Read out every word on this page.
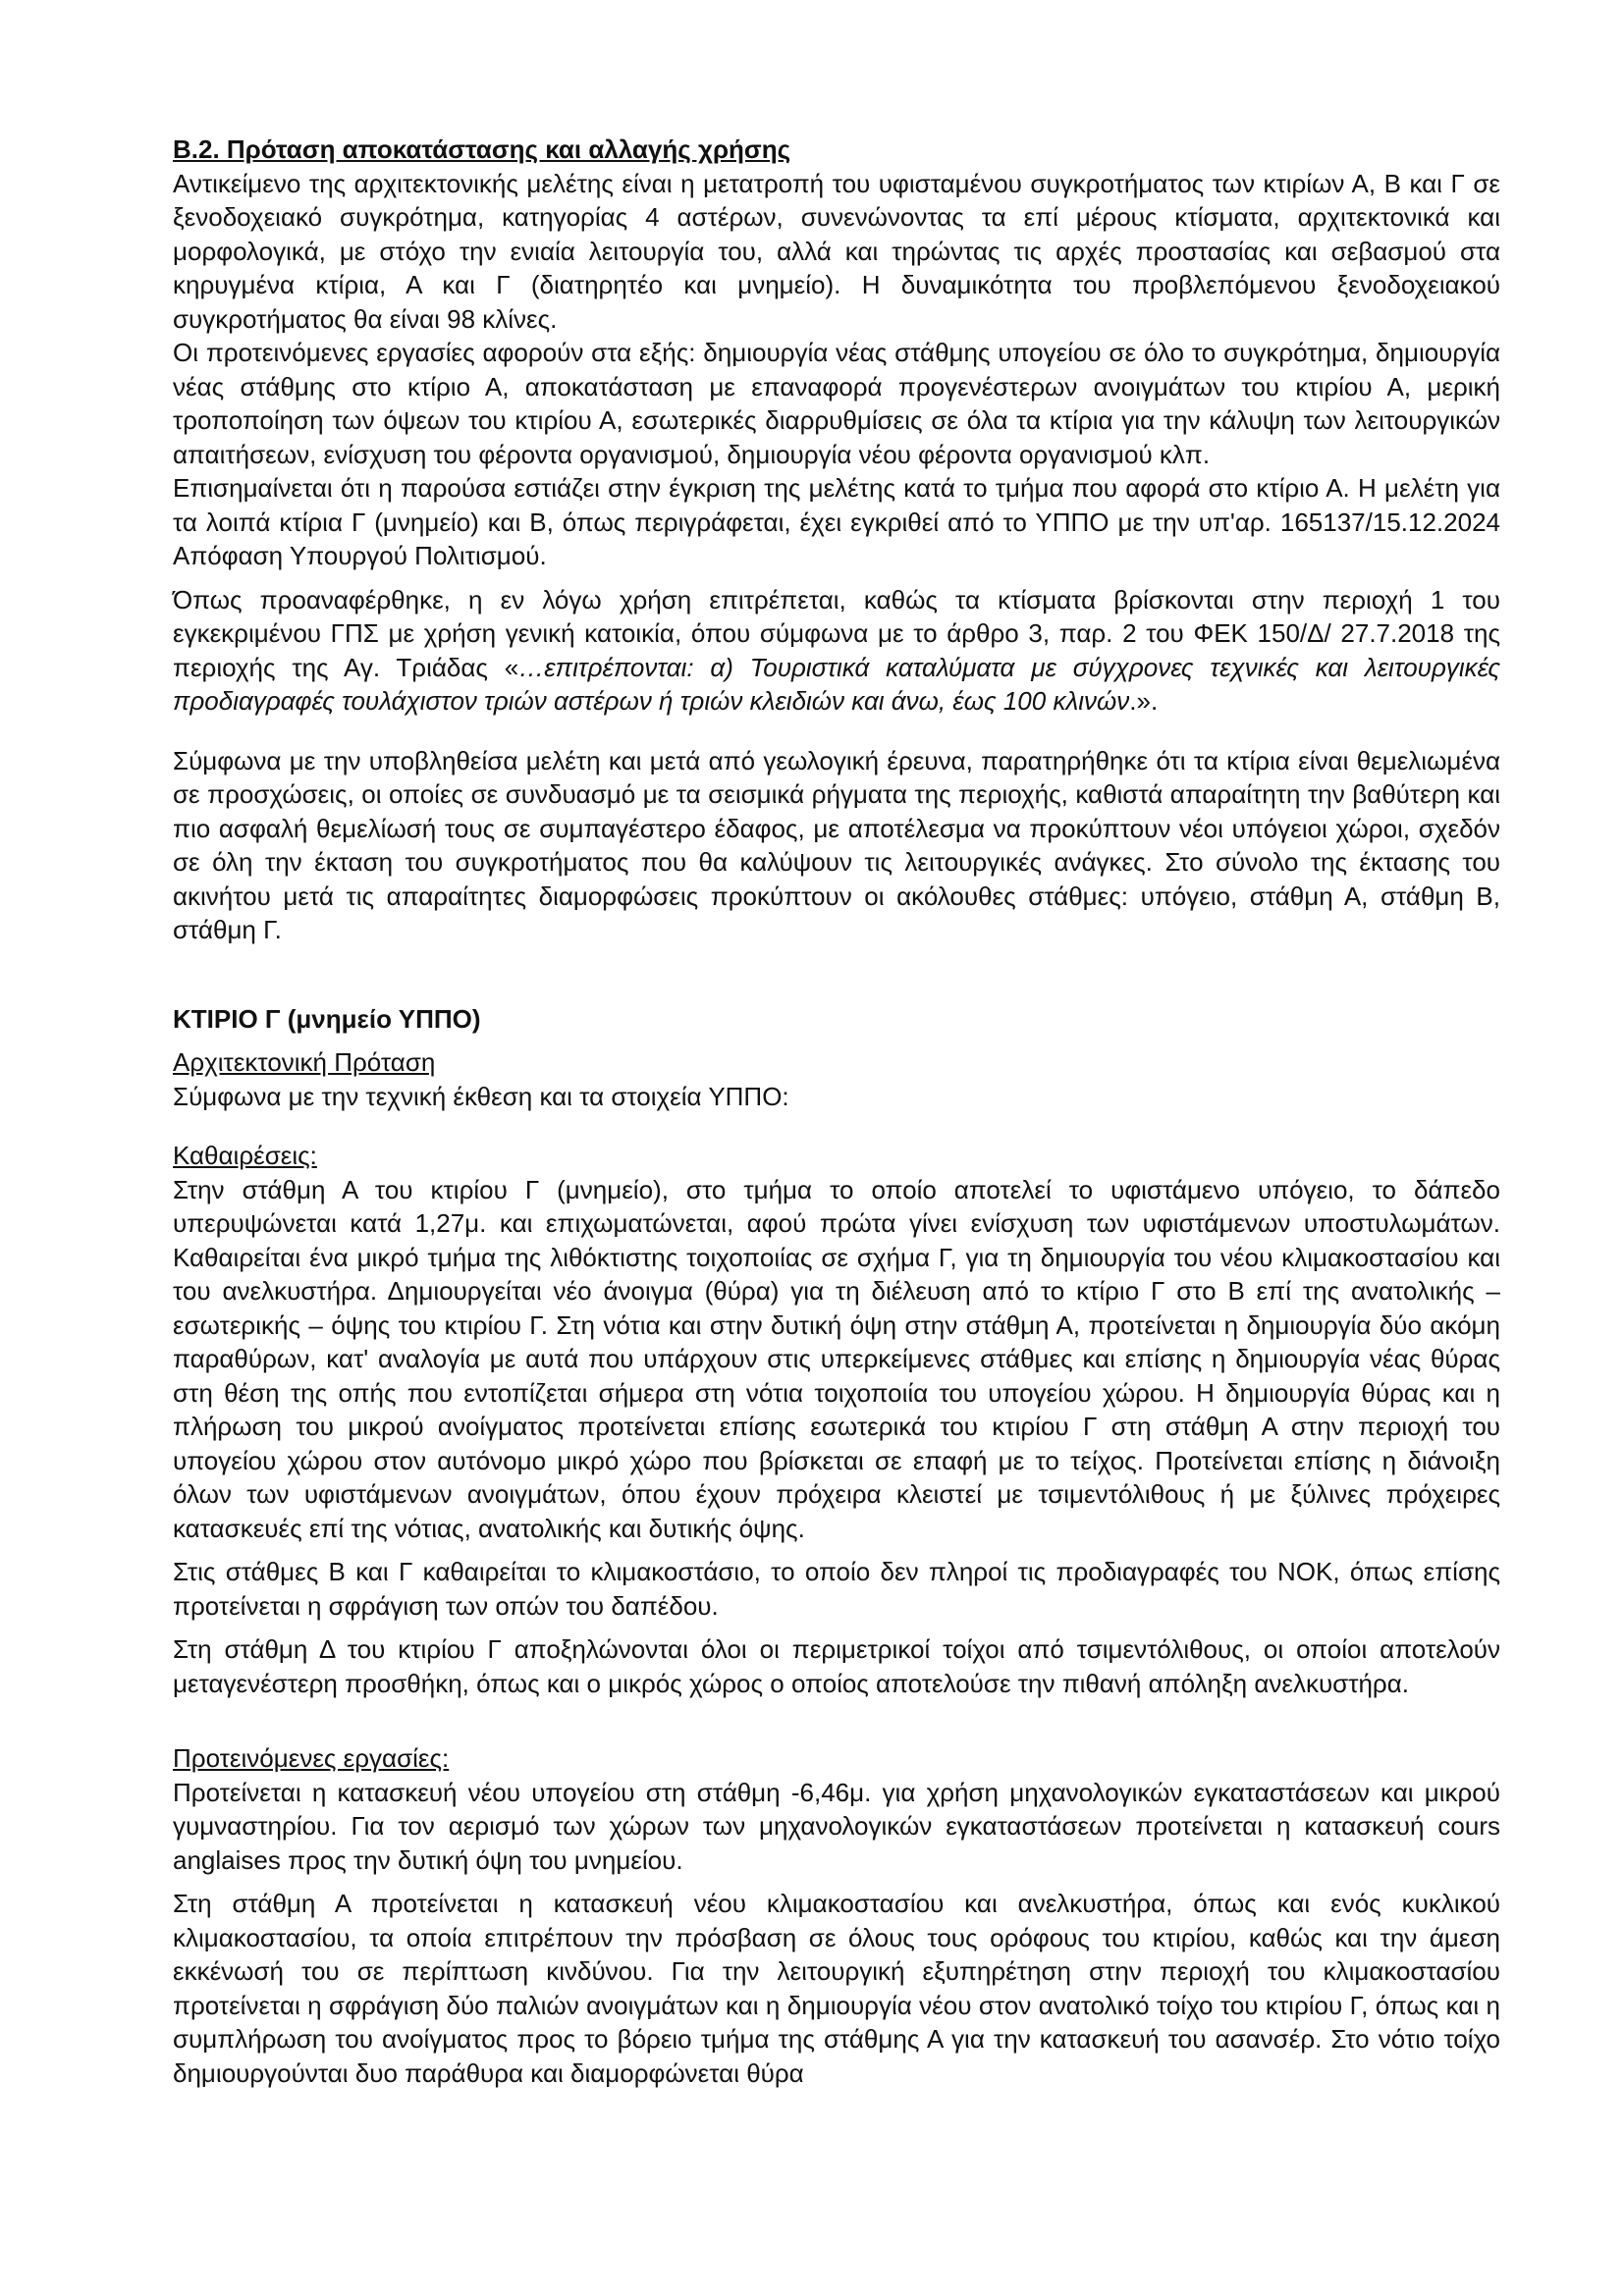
Β.2. Πρόταση αποκατάστασης και αλλαγής χρήσης

Αντικείμενο της αρχιτεκτονικής μελέτης είναι η μετατροπή του υφισταμένου συγκροτήματος των κτιρίων Α, Β και Γ σε ξενοδοχειακό συγκρότημα, κατηγορίας 4 αστέρων, συνενώνοντας τα επί μέρους κτίσματα, αρχιτεκτονικά και μορφολογικά, με στόχο την ενιαία λειτουργία του, αλλά και τηρώντας τις αρχές προστασίας και σεβασμού στα κηρυγμένα κτίρια, Α και Γ (διατηρητέο και μνημείο). Η δυναμικότητα του προβλεπόμενου ξενοδοχειακού συγκροτήματος θα είναι 98 κλίνες.

Οι προτεινόμενες εργασίες αφορούν στα εξής: δημιουργία νέας στάθμης υπογείου σε όλο το συγκρότημα, δημιουργία νέας στάθμης στο κτίριο Α, αποκατάσταση με επαναφορά προγενέστερων ανοιγμάτων του κτιρίου Α, μερική τροποποίηση των όψεων του κτιρίου Α, εσωτερικές διαρρυθμίσεις σε όλα τα κτίρια για την κάλυψη των λειτουργικών απαιτήσεων, ενίσχυση του φέροντα οργανισμού, δημιουργία νέου φέροντα οργανισμού κλπ.

Επισημαίνεται ότι η παρούσα εστιάζει στην έγκριση της μελέτης κατά το τμήμα που αφορά στο κτίριο Α. Η μελέτη για τα λοιπά κτίρια Γ (μνημείο) και Β, όπως περιγράφεται, έχει εγκριθεί από το ΥΠΠΟ με την υπ'αρ. 165137/15.12.2024 Απόφαση Υπουργού Πολιτισμού.

Όπως προαναφέρθηκε, η εν λόγω χρήση επιτρέπεται, καθώς τα κτίσματα βρίσκονται στην περιοχή 1 του εγκεκριμένου ΓΠΣ με χρήση γενική κατοικία, όπου σύμφωνα με το άρθρο 3, παρ. 2 του ΦΕΚ 150/Δ/ 27.7.2018 της περιοχής της Αγ. Τριάδας «…επιτρέπονται: α) Τουριστικά καταλύματα με σύγχρονες τεχνικές και λειτουργικές προδιαγραφές τουλάχιστον τριών αστέρων ή τριών κλειδιών και άνω, έως 100 κλινών.».

Σύμφωνα με την υποβληθείσα μελέτη και μετά από γεωλογική έρευνα, παρατηρήθηκε ότι τα κτίρια είναι θεμελιωμένα σε προσχώσεις, οι οποίες σε συνδυασμό με τα σεισμικά ρήγματα της περιοχής, καθιστά απαραίτητη την βαθύτερη και πιο ασφαλή θεμελίωσή τους σε συμπαγέστερο έδαφος, με αποτέλεσμα να προκύπτουν νέοι υπόγειοι χώροι, σχεδόν σε όλη την έκταση του συγκροτήματος που θα καλύψουν τις λειτουργικές ανάγκες. Στο σύνολο της έκτασης του ακινήτου μετά τις απαραίτητες διαμορφώσεις προκύπτουν οι ακόλουθες στάθμες: υπόγειο, στάθμη Α, στάθμη Β, στάθμη Γ.

ΚΤΙΡΙΟ Γ (μνημείο ΥΠΠΟ)

Αρχιτεκτονική Πρόταση

Σύμφωνα με την τεχνική έκθεση και τα στοιχεία ΥΠΠΟ:

Καθαιρέσεις:

Στην στάθμη Α του κτιρίου Γ (μνημείο), στο τμήμα το οποίο αποτελεί το υφιστάμενο υπόγειο, το δάπεδο υπερυψώνεται κατά 1,27μ. και επιχωματώνεται, αφού πρώτα γίνει ενίσχυση των υφιστάμενων υποστυλωμάτων. Καθαιρείται ένα μικρό τμήμα της λιθόκτιστης τοιχοποιίας σε σχήμα Γ, για τη δημιουργία του νέου κλιμακοστασίου και του ανελκυστήρα. Δημιουργείται νέο άνοιγμα (θύρα) για τη διέλευση από το κτίριο Γ στο Β επί της ανατολικής – εσωτερικής – όψης του κτιρίου Γ. Στη νότια και στην δυτική όψη στην στάθμη Α, προτείνεται η δημιουργία δύο ακόμη παραθύρων, κατ' αναλογία με αυτά που υπάρχουν στις υπερκείμενες στάθμες και επίσης η δημιουργία νέας θύρας στη θέση της οπής που εντοπίζεται σήμερα στη νότια τοιχοποιία του υπογείου χώρου. Η δημιουργία θύρας και η πλήρωση του μικρού ανοίγματος προτείνεται επίσης εσωτερικά του κτιρίου Γ στη στάθμη Α στην περιοχή του υπογείου χώρου στον αυτόνομο μικρό χώρο που βρίσκεται σε επαφή με το τείχος. Προτείνεται επίσης η διάνοιξη όλων των υφιστάμενων ανοιγμάτων, όπου έχουν πρόχειρα κλειστεί με τσιμεντόλιθους ή με ξύλινες πρόχειρες κατασκευές επί της νότιας, ανατολικής και δυτικής όψης.

Στις στάθμες Β και Γ καθαιρείται το κλιμακοστάσιο, το οποίο δεν πληροί τις προδιαγραφές του ΝΟΚ, όπως επίσης προτείνεται η σφράγιση των οπών του δαπέδου.

Στη στάθμη Δ του κτιρίου Γ αποξηλώνονται όλοι οι περιμετρικοί τοίχοι από τσιμεντόλιθους, οι οποίοι αποτελούν μεταγενέστερη προσθήκη, όπως και ο μικρός χώρος ο οποίος αποτελούσε την πιθανή απόληξη ανελκυστήρα.

Προτεινόμενες εργασίες:

Προτείνεται η κατασκευή νέου υπογείου στη στάθμη -6,46μ. για χρήση μηχανολογικών εγκαταστάσεων και μικρού γυμναστηρίου. Για τον αερισμό των χώρων των μηχανολογικών εγκαταστάσεων προτείνεται η κατασκευή cours anglaises προς την δυτική όψη του μνημείου.

Στη στάθμη Α προτείνεται η κατασκευή νέου κλιμακοστασίου και ανελκυστήρα, όπως και ενός κυκλικού κλιμακοστασίου, τα οποία επιτρέπουν την πρόσβαση σε όλους τους ορόφους του κτιρίου, καθώς και την άμεση εκκένωσή του σε περίπτωση κινδύνου. Για την λειτουργική εξυπηρέτηση στην περιοχή του κλιμακοστασίου προτείνεται η σφράγιση δύο παλιών ανοιγμάτων και η δημιουργία νέου στον ανατολικό τοίχο του κτιρίου Γ, όπως και η συμπλήρωση του ανοίγματος προς το βόρειο τμήμα της στάθμης Α για την κατασκευή του ασανσέρ. Στο νότιο τοίχο δημιουργούνται δυο παράθυρα και διαμορφώνεται θύρα
